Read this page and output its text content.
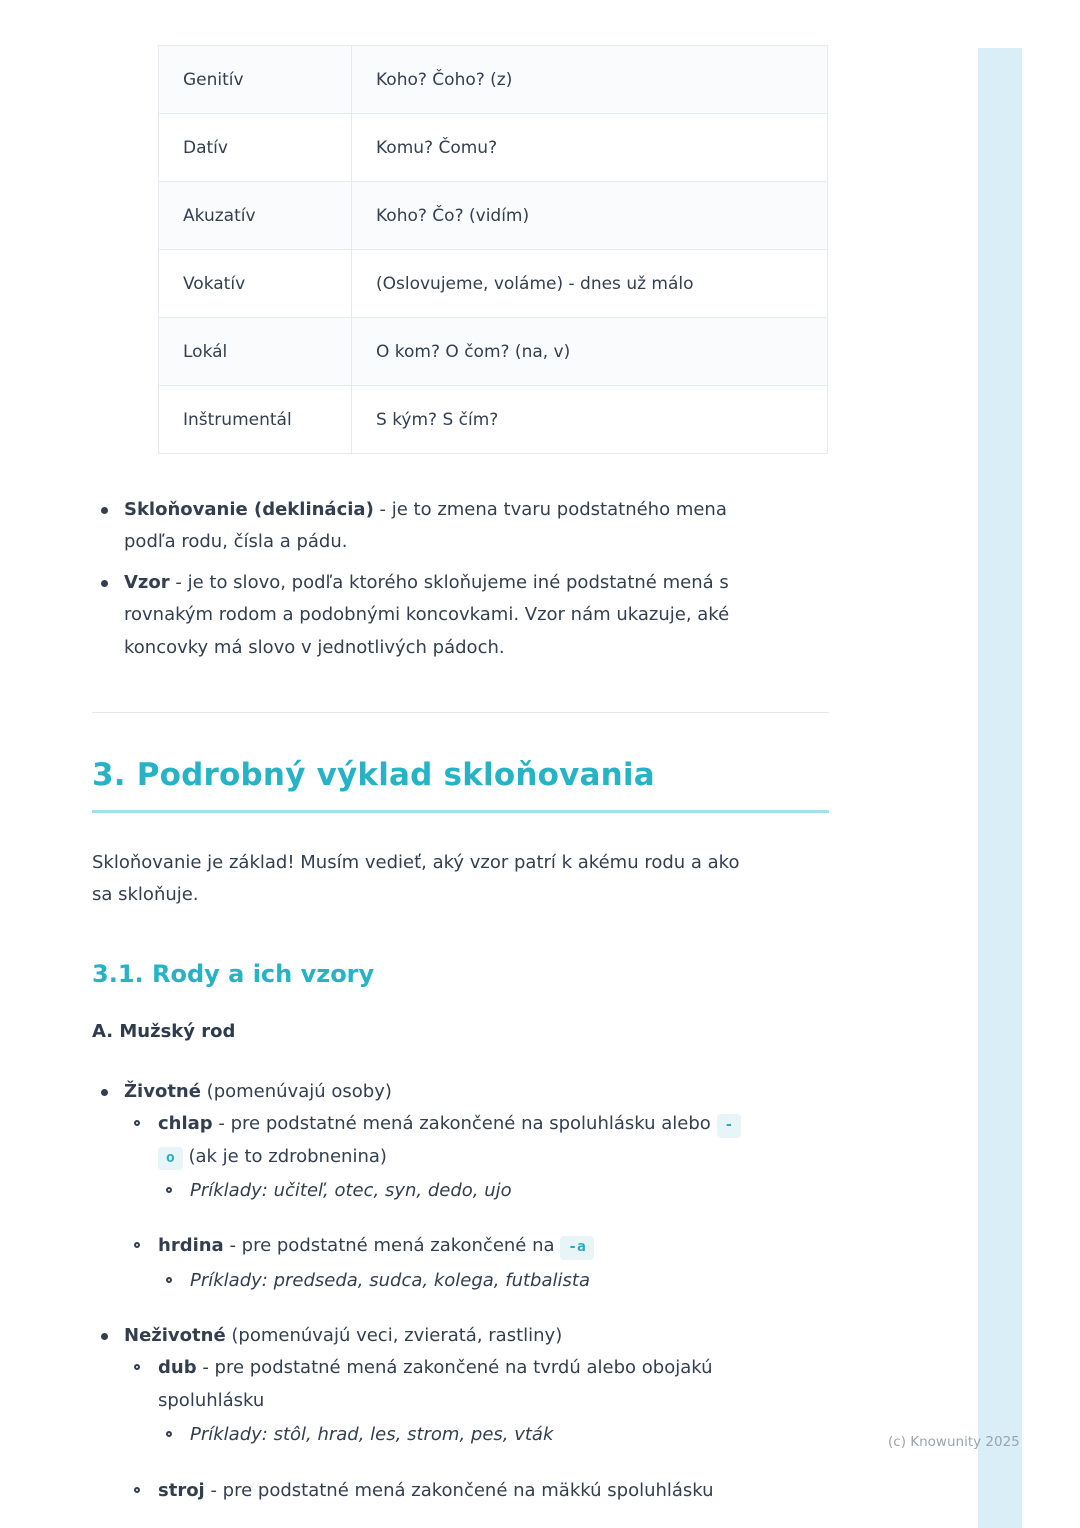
Genitív	Koho? Čoho? (z)
Datív	Komu? Čomu?
Akuzatív	Koho? Čo? (vidím)
Vokatív	(Oslovujeme, voláme) - dnes už málo
Lokál	O kom? O čom? (na, v)
Inštrumentál	S kým? S čím?
Skloňovanie (deklinácia) - je to zmena tvaru podstatného mena podľa rodu, čísla a pádu.
Vzor - je to slovo, podľa ktorého skloňujeme iné podstatné mená s rovnakým rodom a podobnými koncovkami. Vzor nám ukazuje, aké koncovky má slovo v jednotlivých pádoch.
3. Podrobný výklad skloňovania
Skloňovanie je základ! Musím vedieť, aký vzor patrí k akému rodu a ako sa skloňuje.
3.1. Rody a ich vzory
A. Mužský rod
Životné (pomenúvajú osoby)
chlap - pre podstatné mená zakončené na spoluhlásku alebo -
o (ak je to zdrobnenina)
Príklady: učiteľ, otec, syn, dedo, ujo
hrdina - pre podstatné mená zakončené na -a
Príklady: predseda, sudca, kolega, futbalista
Neživotné (pomenúvajú veci, zvieratá, rastliny)
dub - pre podstatné mená zakončené na tvrdú alebo obojakú spoluhlásku
Príklady: stôl, hrad, les, strom, pes, vták
stroj - pre podstatné mená zakončené na mäkkú spoluhlásku
(c) Knowunity 2025
